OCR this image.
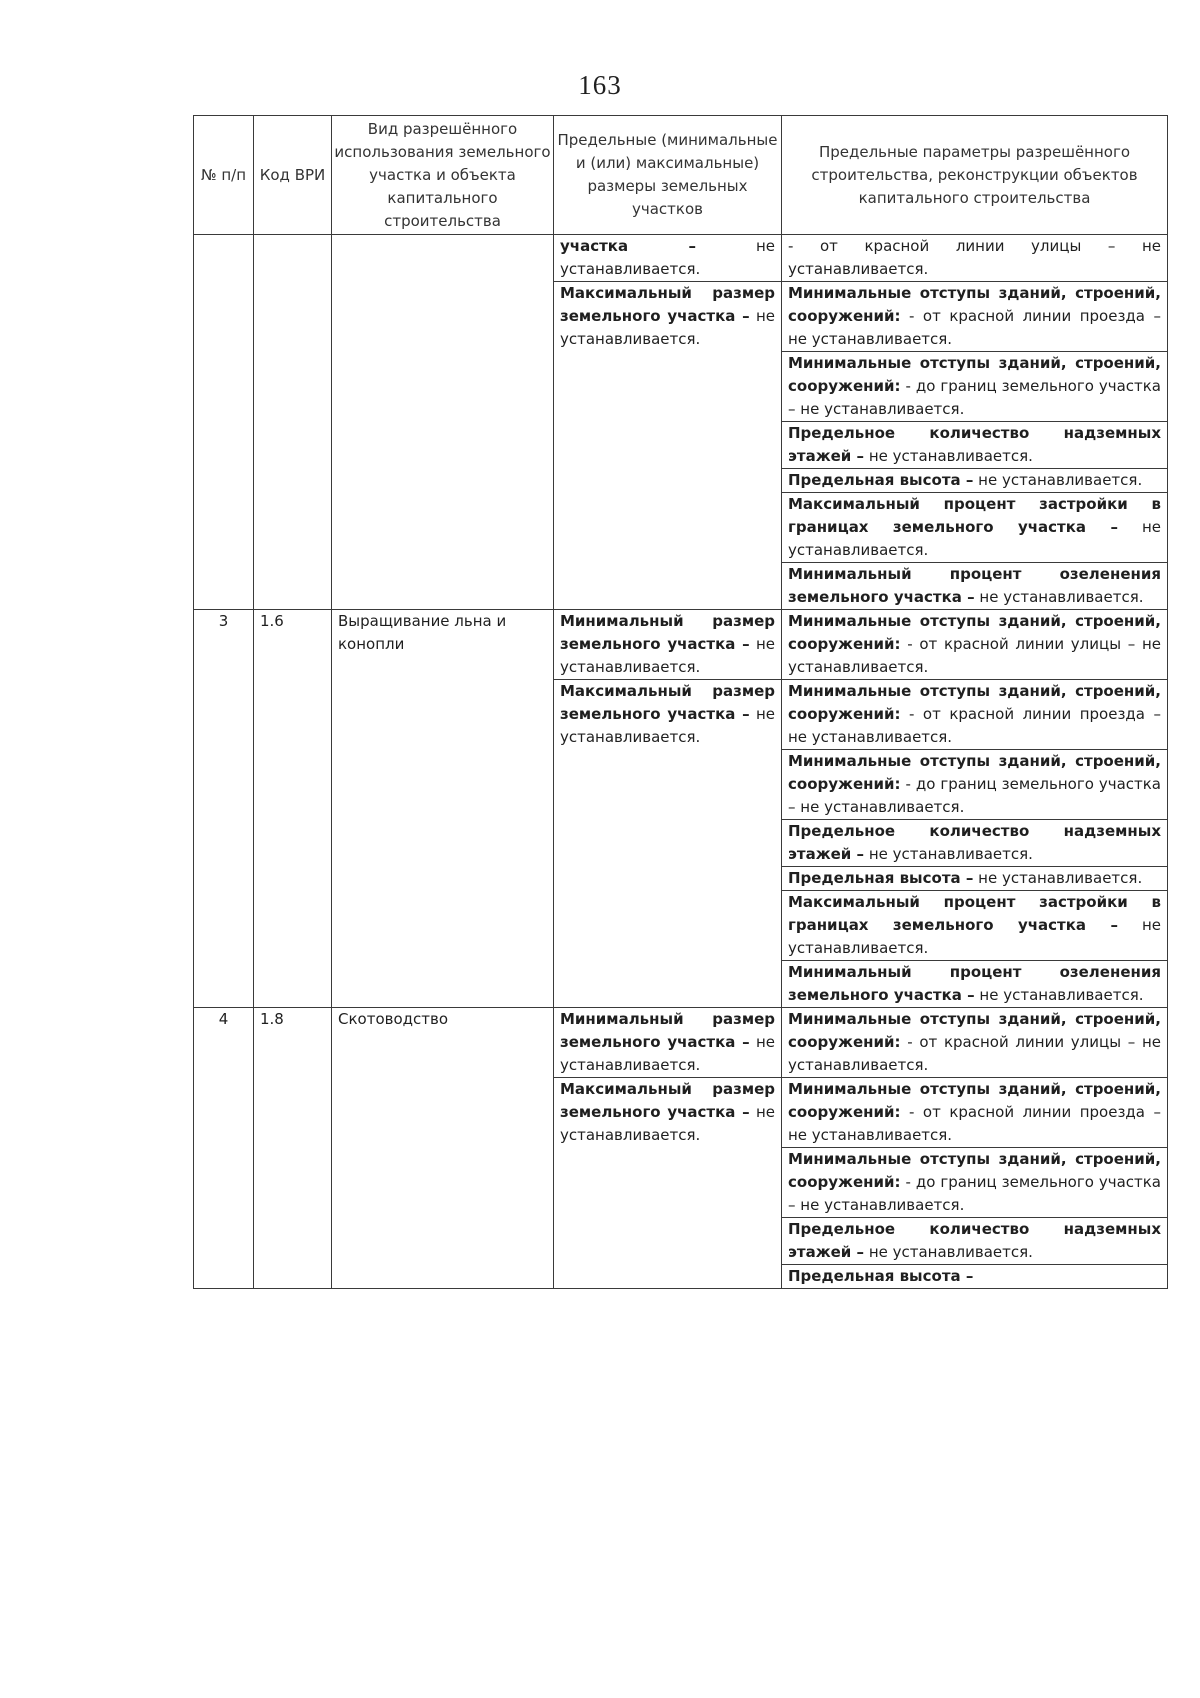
163
№ п/п	Код ВРИ	Вид разрешённого использования земельного участка и объекта капитального строительства	Предельные (минимальные и (или) максимальные) размеры земельных участков	Предельные параметры разрешённого строительства, реконструкции объектов капитального строительства
			участка – не устанавливается.	- от красной линии улицы – не устанавливается.
			Максимальный размер земельного участка – не устанавливается.	Минимальные отступы зданий, строений, сооружений: - от красной линии проезда – не устанавливается.
				Минимальные отступы зданий, строений, сооружений: - до границ земельного участка – не устанавливается.
				Предельное количество надземных этажей – не устанавливается.
				Предельная высота – не устанавливается.
				Максимальный процент застройки в границах земельного участка – не устанавливается.
				Минимальный процент озеленения земельного участка – не устанавливается.
3	1.6	Выращивание льна и конопли	Минимальный размер земельного участка – не устанавливается.	Минимальные отступы зданий, строений, сооружений: - от красной линии улицы – не устанавливается.
			Максимальный размер земельного участка – не устанавливается.	Минимальные отступы зданий, строений, сооружений: - от красной линии проезда – не устанавливается.
				Минимальные отступы зданий, строений, сооружений: - до границ земельного участка – не устанавливается.
				Предельное количество надземных этажей – не устанавливается.
				Предельная высота – не устанавливается.
				Максимальный процент застройки в границах земельного участка – не устанавливается.
				Минимальный процент озеленения земельного участка – не устанавливается.
4	1.8	Скотоводство	Минимальный размер земельного участка – не устанавливается.	Минимальные отступы зданий, строений, сооружений: - от красной линии улицы – не устанавливается.
			Максимальный размер земельного участка – не устанавливается.	Минимальные отступы зданий, строений, сооружений: - от красной линии проезда – не устанавливается.
				Минимальные отступы зданий, строений, сооружений: - до границ земельного участка – не устанавливается.
				Предельное количество надземных этажей – не устанавливается.
				Предельная высота –
